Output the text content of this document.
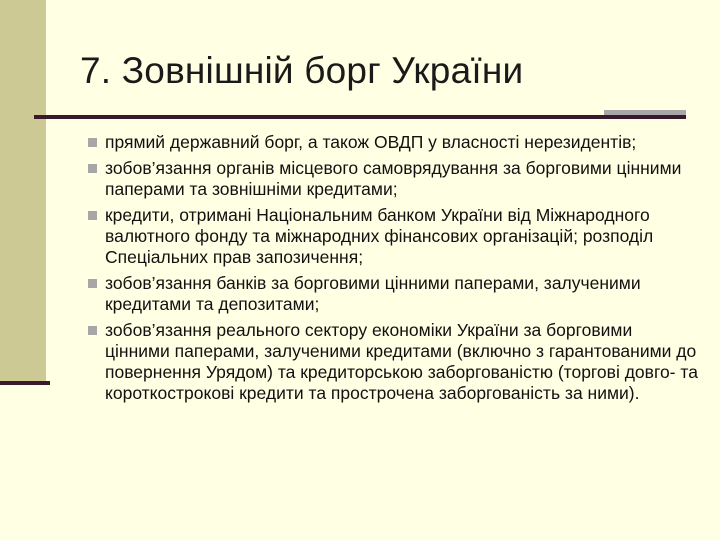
7. Зовнішній борг України
прямий державний борг, а також ОВДП у власності нерезидентів;
зобов’язання органів місцевого самоврядування за борговими цінними паперами та зовнішніми кредитами;
кредити, отримані Національним банком України від Міжнародного валютного фонду та міжнародних фінансових організацій; розподіл Спеціальних прав запозичення;
зобов’язання банків за борговими цінними паперами, залученими кредитами та депозитами;
зобов’язання реального сектору економіки України за борговими цінними паперами, залученими кредитами (включно з гарантованими до повернення Урядом) та кредиторською заборгованістю (торгові довго- та короткострокові кредити та прострочена заборгованість за ними).
